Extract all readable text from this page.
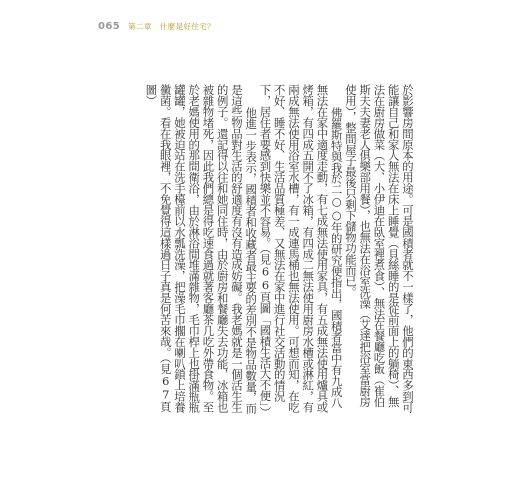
065 第二章 什麼是好住宅？

於影響房間原本的用途。可是國積者就不一樣了，他們的東西多到可能讓自己和家人無法在床上睡覺（貝絲睡的是從前面上的躺椅）、無法在廚房做菜（大、小伊迪在臥室裡煮食）、無法在餐廳吃飯（崔伯斯夫夫妻老人俱樂部用餐），也無法在浴室洗澡（艾達把浴室當廚房使用），整間屋子最後只剩下儲物功能而已。

佛羅斯特與我於二○○年的研究便指出，國積者當中有九成八無法在家中適度走動，有七成無法使用家具，有五成無法使用爐具或烤箱，有四成五開不了冰箱，有四成二無法使用廚房水槽或淋紅，有兩成無法使用浴室水槽，有一成連馬桶也無法使用。可想而知，在吃不好、睡不好、生活品質極差、又無法在家中進行社交活動的情況下，居住者要感到快樂並不容易。（見66頁圖「國積生活大不便」）

他進一步表示，國積者和收藏者最主要的差別不是物品數量，而是這些物品對生活的舒適度有沒有造成妨礙。我老媽就是一個活生生的例子。還記得以往和她同住時，由於廚房和餐廳失去功能，冰箱也被雜物堵死，因此我們總是得吃速食過就著客廳茶几吃外帶食物。至於老媽使用的那間衛浴，由於淋浴間堆滿雜物，毛巾桿上也掛滿瓶瓶罐罐，她被迫站在洗手檯前以水瓢洗澡，把澡毛巾擱在喇叭鎖上培養黴菌。看在我眼裡，不免覺得這樣過日子真是何苦來哉。（見67頁圖）
